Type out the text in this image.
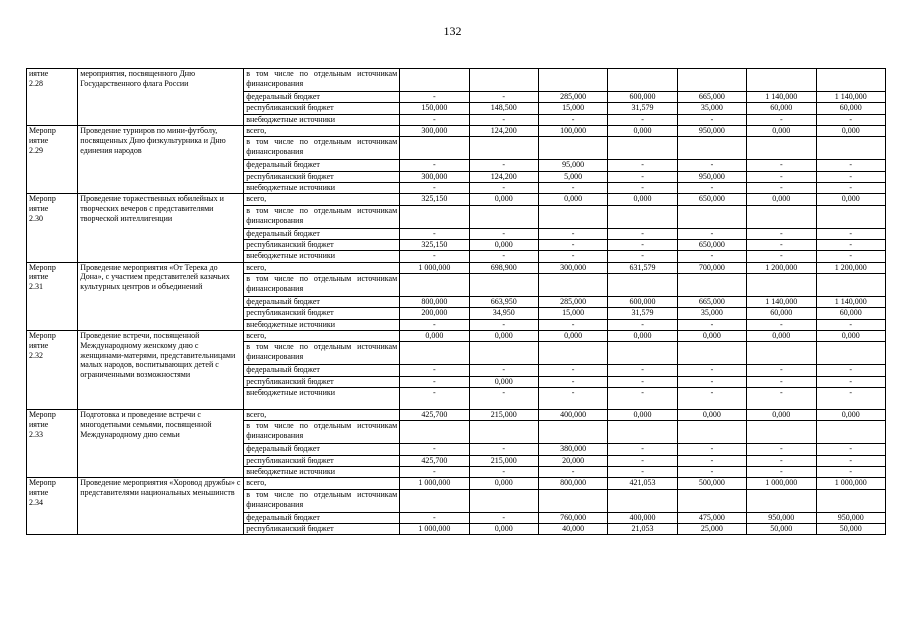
132
иятие
2.28	мероприятия, посвященного Дню Государственного флага России	в том числе по отдельным источникам финансирования							
		федеральный бюджет	-	-	285,000	600,000	665,000	1 140,000	1 140,000
		республиканский бюджет	150,000	148,500	15,000	31,579	35,000	60,000	60,000
		внебюджетные источники	-	-	-	-	-	-	-
Меропр
иятие
2.29	Проведение турниров по мини-футболу, посвященных Дню физкультурника и Дню единения народов	всего,	300,000	124,200	100,000	0,000	950,000	0,000	0,000
		в том числе по отдельным источникам финансирования							
		федеральный бюджет	-	-	95,000	-	-	-	-
		республиканский бюджет	300,000	124,200	5,000	-	950,000	-	-
		внебюджетные источники	-	-	-	-	-	-	-
Меропр
иятие
2.30	Проведение торжественных юбилейных и творческих вечеров с представителями творческой интеллигенции	всего,	325,150	0,000	0,000	0,000	650,000	0,000	0,000
		в том числе по отдельным источникам финансирования							
		федеральный бюджет	-	-	-	-	-	-	-
		республиканский бюджет	325,150	0,000	-	-	650,000	-	-
		внебюджетные источники	-	-	-	-	-	-	-
Меропр
иятие
2.31	Проведение мероприятия «От Терека до Дона», с участием представителей казачьих культурных центров и объединений	всего,	1 000,000	698,900	300,000	631,579	700,000	1 200,000	1 200,000
		в том числе по отдельным источникам финансирования							
		федеральный бюджет	800,000	663,950	285,000	600,000	665,000	1 140,000	1 140,000
		республиканский бюджет	200,000	34,950	15,000	31,579	35,000	60,000	60,000
		внебюджетные источники	-	-	-	-	-	-	-
Меропр
иятие
2.32	Проведение встречи, посвященной Международному женскому дню с женщинами-матерями, представительницами малых народов, воспитывающих детей с ограниченными возможностями	всего,	0,000	0,000	0,000	0,000	0,000	0,000	0,000
		в том числе по отдельным источникам финансирования							
		федеральный бюджет	-	-	-	-	-	-	-
		республиканский бюджет	-	0,000	-	-	-	-	-
		внебюджетные источники	-	-	-	-	-	-	-
Меропр
иятие
2.33	Подготовка и проведение встречи с многодетными семьями, посвященной Международному дню семьи	всего,	425,700	215,000	400,000	0,000	0,000	0,000	0,000
		в том числе по отдельным источникам финансирования							
		федеральный бюджет	-	-	380,000	-	-	-	-
		республиканский бюджет	425,700	215,000	20,000	-	-	-	-
		внебюджетные источники	-	-	-	-	-	-	-
Меропр
иятие
2.34	Проведение мероприятия «Хоровод дружбы» с представителями национальных меньшинств	всего,	1 000,000	0,000	800,000	421,053	500,000	1 000,000	1 000,000
		в том числе по отдельным источникам финансирования							
		федеральный бюджет	-	-	760,000	400,000	475,000	950,000	950,000
		республиканский бюджет	1 000,000	0,000	40,000	21,053	25,000	50,000	50,000
